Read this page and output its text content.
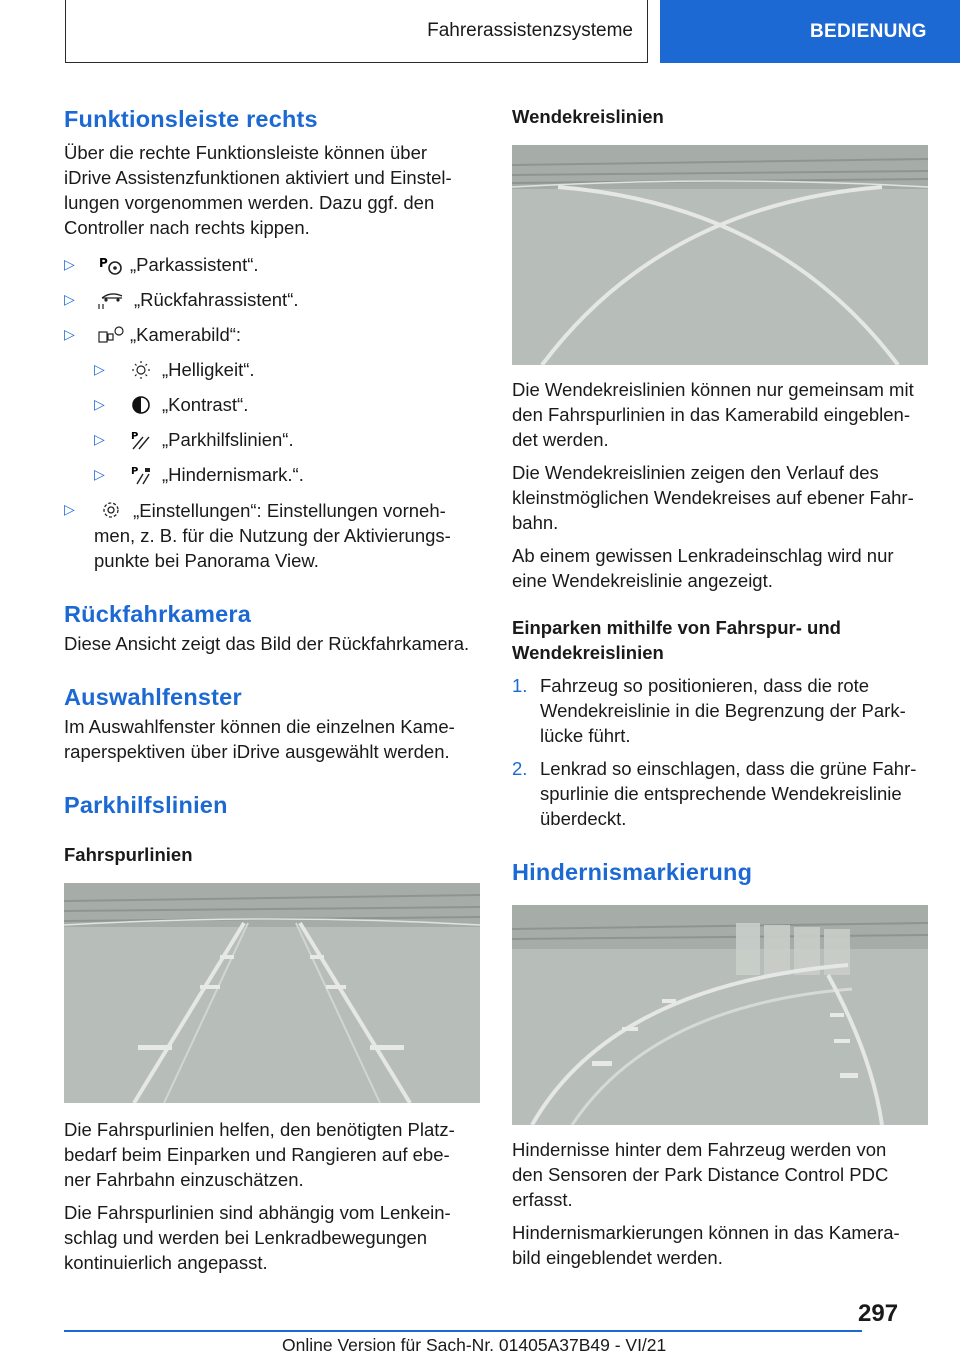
Fahrerassistenzsysteme	BEDIENUNG
Funktionsleiste rechts

Über die rechte Funktionsleiste können über iDrive Assistenzfunktionen aktiviert und Einstellungen vorgenommen werden. Dazu ggf. den Controller nach rechts kippen.

▷	P „Parkassistent“.
▷	„Rückfahrassistent“.
▷	„Kamerabild“:
▷	„Helligkeit“.
▷	„Kontrast“.
▷	P „Parkhilfslinien“.
▷	P „Hindernismark.“.
▷	„Einstellungen“: Einstellungen vornehmen, z. B. für die Nutzung der Aktivierungspunkte bei Panorama View.
Rückfahrkamera

Diese Ansicht zeigt das Bild der Rückfahrkamera.

Auswahlfenster

Im Auswahlfenster können die einzelnen Kameraperspektiven über iDrive ausgewählt werden.

Parkhilfslinien
Fahrspurlinien

Die Fahrspurlinien helfen, den benötigten Platzbedarf beim Einparken und Rangieren auf ebener Fahrbahn einzuschätzen.

Die Fahrspurlinien sind abhängig vom Lenkeinschlag und werden bei Lenkradbewegungen kontinuierlich angepasst.

Wendekreislinien

Die Wendekreislinien können nur gemeinsam mit den Fahrspurlinien in das Kamerabild eingeblendet werden.

Die Wendekreislinien zeigen den Verlauf des kleinstmöglichen Wendekreises auf ebener Fahrbahn.

Ab einem gewissen Lenkradeinschlag wird nur eine Wendekreislinie angezeigt.

Einparken mithilfe von Fahrspur- und Wendekreislinien
1. Fahrzeug so positionieren, dass die rote Wendekreislinie in die Begrenzung der Parklücke führt.
2. Lenkrad so einschlagen, dass die grüne Fahrspurlinie die entsprechende Wendekreislinie überdeckt.
Hindernismarkierung

Hindernisse hinter dem Fahrzeug werden von den Sensoren der Park Distance Control PDC erfasst.

Hindernismarkierungen können in das Kamerabild eingeblendet werden.

297
Online Version für Sach-Nr. 01405A37B49 - VI/21
